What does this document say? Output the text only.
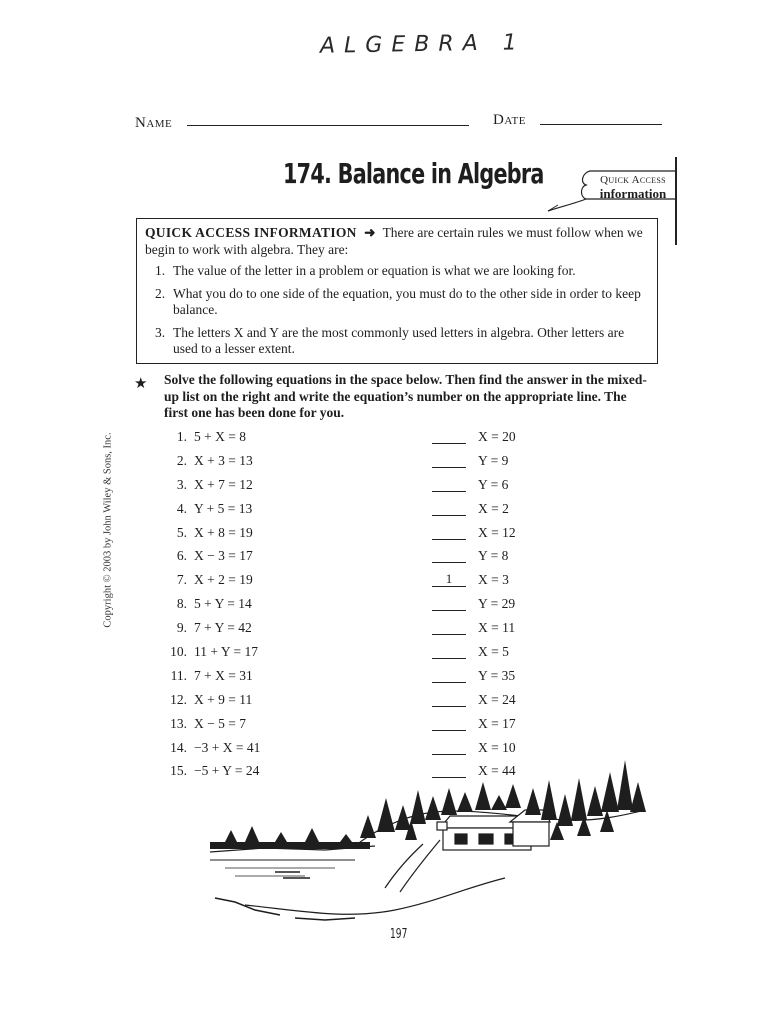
ALGEBRA 1
Name	Date
174. Balance in Algebra	Quick Access
information
QUICK ACCESS INFORMATION ➜ There are certain rules we must follow when we begin to work with algebra. They are:
1. The value of the letter in a problem or equation is what we are looking for.
2. What you do to one side of the equation, you must do to the other side in order to keep balance.
3. The letters X and Y are the most commonly used letters in algebra. Other letters are used to a lesser extent.
★ Solve the following equations in the space below. Then find the answer in the mixed-up list on the right and write the equation’s number on the appropriate line. The first one has been done for you.
1. 5 + X = 8
2. X + 3 = 13
3. X + 7 = 12
4. Y + 5 = 13
5. X + 8 = 19
6. X − 3 = 17
7. X + 2 = 19
8. 5 + Y = 14
9. 7 + Y = 42
10. 11 + Y = 17
11. 7 + X = 31
12. X + 9 = 11
13. X − 5 = 7
14. −3 + X = 41
15. −5 + Y = 24
X = 20
Y = 9
Y = 6
X = 2
X = 12
Y = 8
1 X = 3
Y = 29
X = 11
X = 5
Y = 35
X = 24
X = 17
X = 10
X = 44
Copyright © 2003 by John Wiley & Sons, Inc.
197
